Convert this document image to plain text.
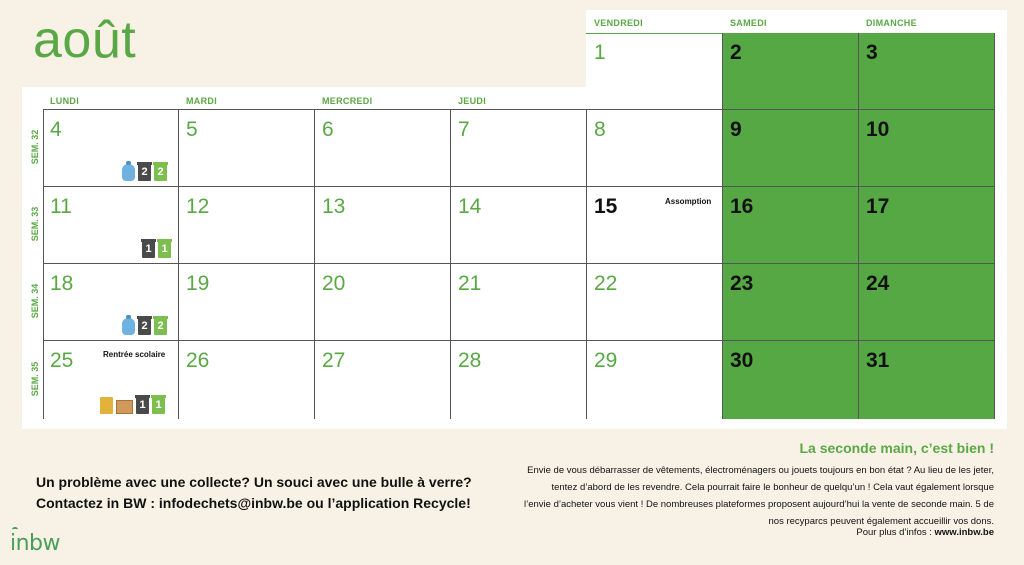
août
LUNDI	MARDI	MERCREDI	JEUDI
VENDREDI	SAMEDI	DIMANCHE
1	2	3
SEM. 32
SEM. 33
SEM. 34
SEM. 35
4	5	6	7	8	9	10
11	12	13	14	15	16	17
18	19	20	21	22	23	24
25	26	27	28	29	30	31
Assomption
Rentrée scolaire
2 2
1 1
2 2
1 1
Un problème avec une collecte? Un souci avec une bulle à verre?
Contactez in BW : infodechets@inbw.be ou l’application Recycle!
La seconde main, c’est bien !
Envie de vous débarrasser de vêtements, électroménagers ou jouets toujours en bon état ? Au lieu de les jeter, tentez d’abord de les revendre. Cela pourrait faire le bonheur de quelqu’un ! Cela vaut également lorsque l’envie d’acheter vous vient ! De nombreuses plateformes proposent aujourd’hui la vente de seconde main. 5 de nos recyparcs peuvent également accueillir vos dons.
Pour plus d’infos : www.inbw.be
inbw
